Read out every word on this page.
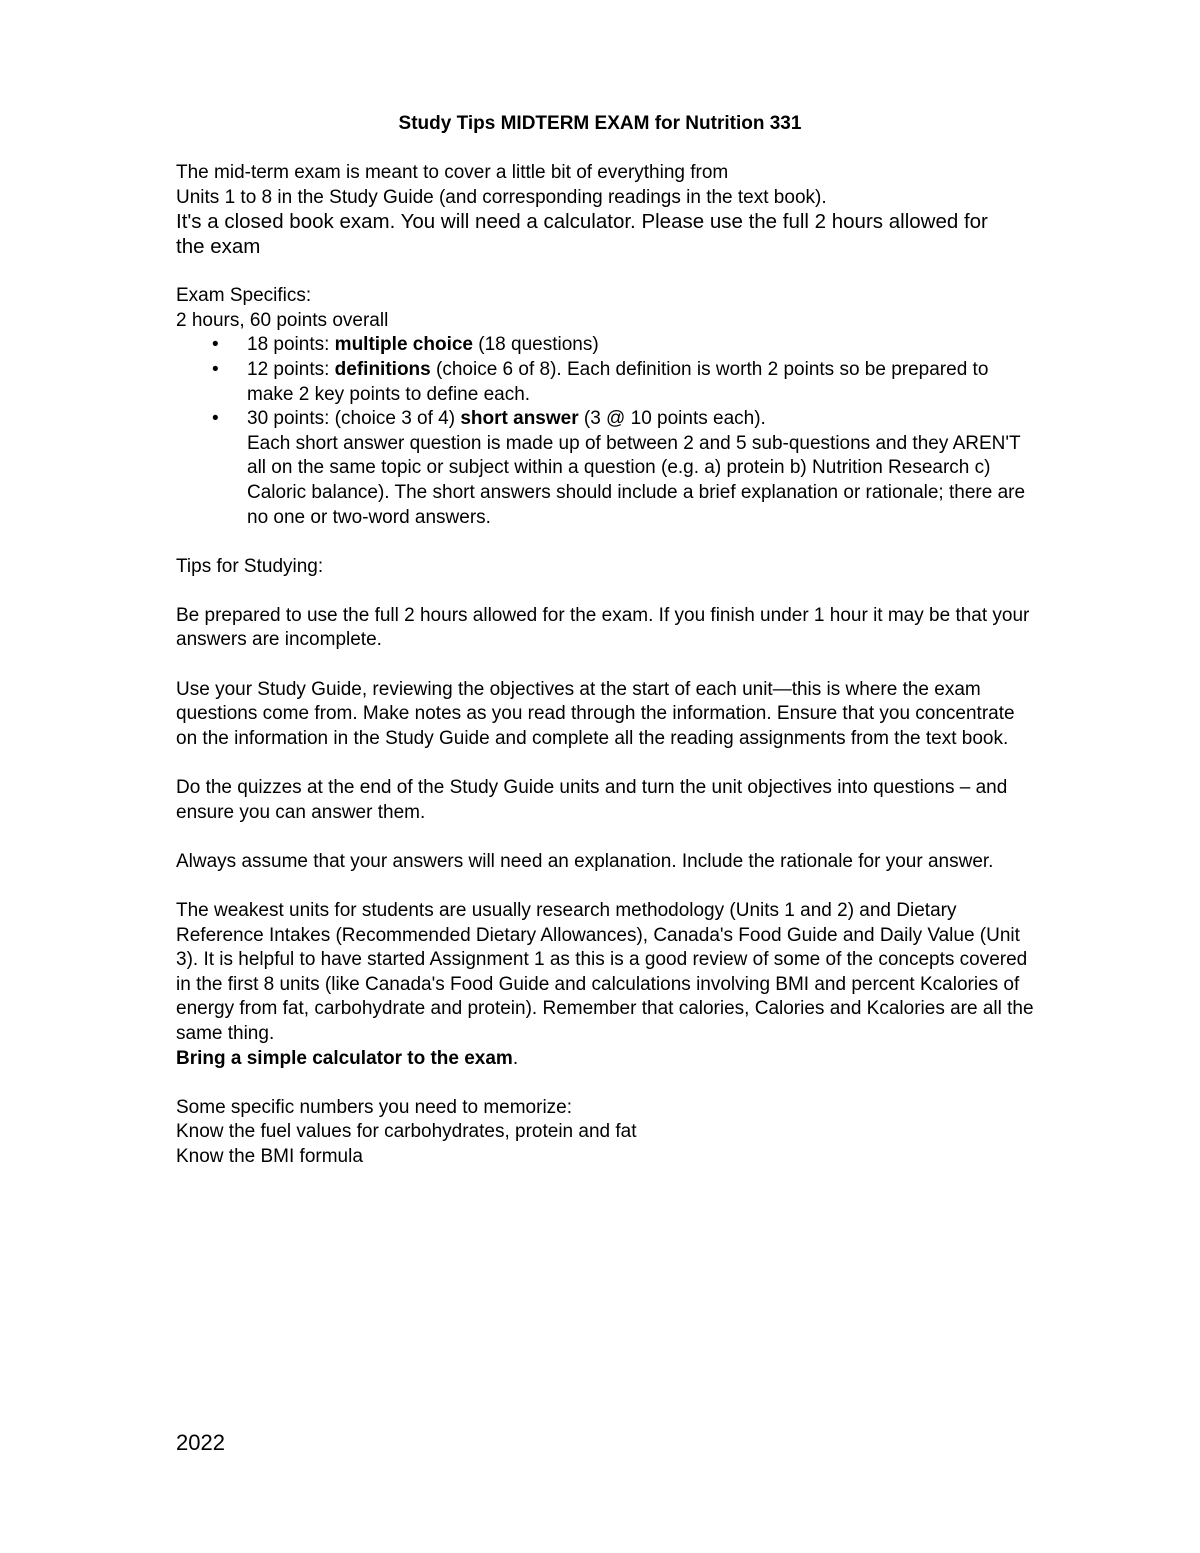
Study Tips MIDTERM EXAM for Nutrition 331

The mid-term exam is meant to cover a little bit of everything from

Units 1 to 8 in the Study Guide (and corresponding readings in the text book).

It's a closed book exam. You will need a calculator. Please use the full 2 hours allowed for the exam

Exam Specifics:

2 hours, 60 points overall

• 18 points: multiple choice (18 questions)
• 12 points: definitions (choice 6 of 8). Each definition is worth 2 points so be prepared to make 2 key points to define each.
• 30 points: (choice 3 of 4) short answer (3 @ 10 points each).
Each short answer question is made up of between 2 and 5 sub-questions and they AREN'T all on the same topic or subject within a question (e.g. a) protein b) Nutrition Research c) Caloric balance). The short answers should include a brief explanation or rationale; there are no one or two-word answers.

Tips for Studying:

Be prepared to use the full 2 hours allowed for the exam. If you finish under 1 hour it may be that your answers are incomplete.

Use your Study Guide, reviewing the objectives at the start of each unit—this is where the exam questions come from. Make notes as you read through the information. Ensure that you concentrate on the information in the Study Guide and complete all the reading assignments from the text book.

Do the quizzes at the end of the Study Guide units and turn the unit objectives into questions – and ensure you can answer them.

Always assume that your answers will need an explanation. Include the rationale for your answer.

The weakest units for students are usually research methodology (Units 1 and 2) and Dietary Reference Intakes (Recommended Dietary Allowances), Canada's Food Guide and Daily Value (Unit 3). It is helpful to have started Assignment 1 as this is a good review of some of the concepts covered in the first 8 units (like Canada's Food Guide and calculations involving BMI and percent Kcalories of energy from fat, carbohydrate and protein). Remember that calories, Calories and Kcalories are all the same thing.
Bring a simple calculator to the exam.

Some specific numbers you need to memorize:

Know the fuel values for carbohydrates, protein and fat

Know the BMI formula

2022
